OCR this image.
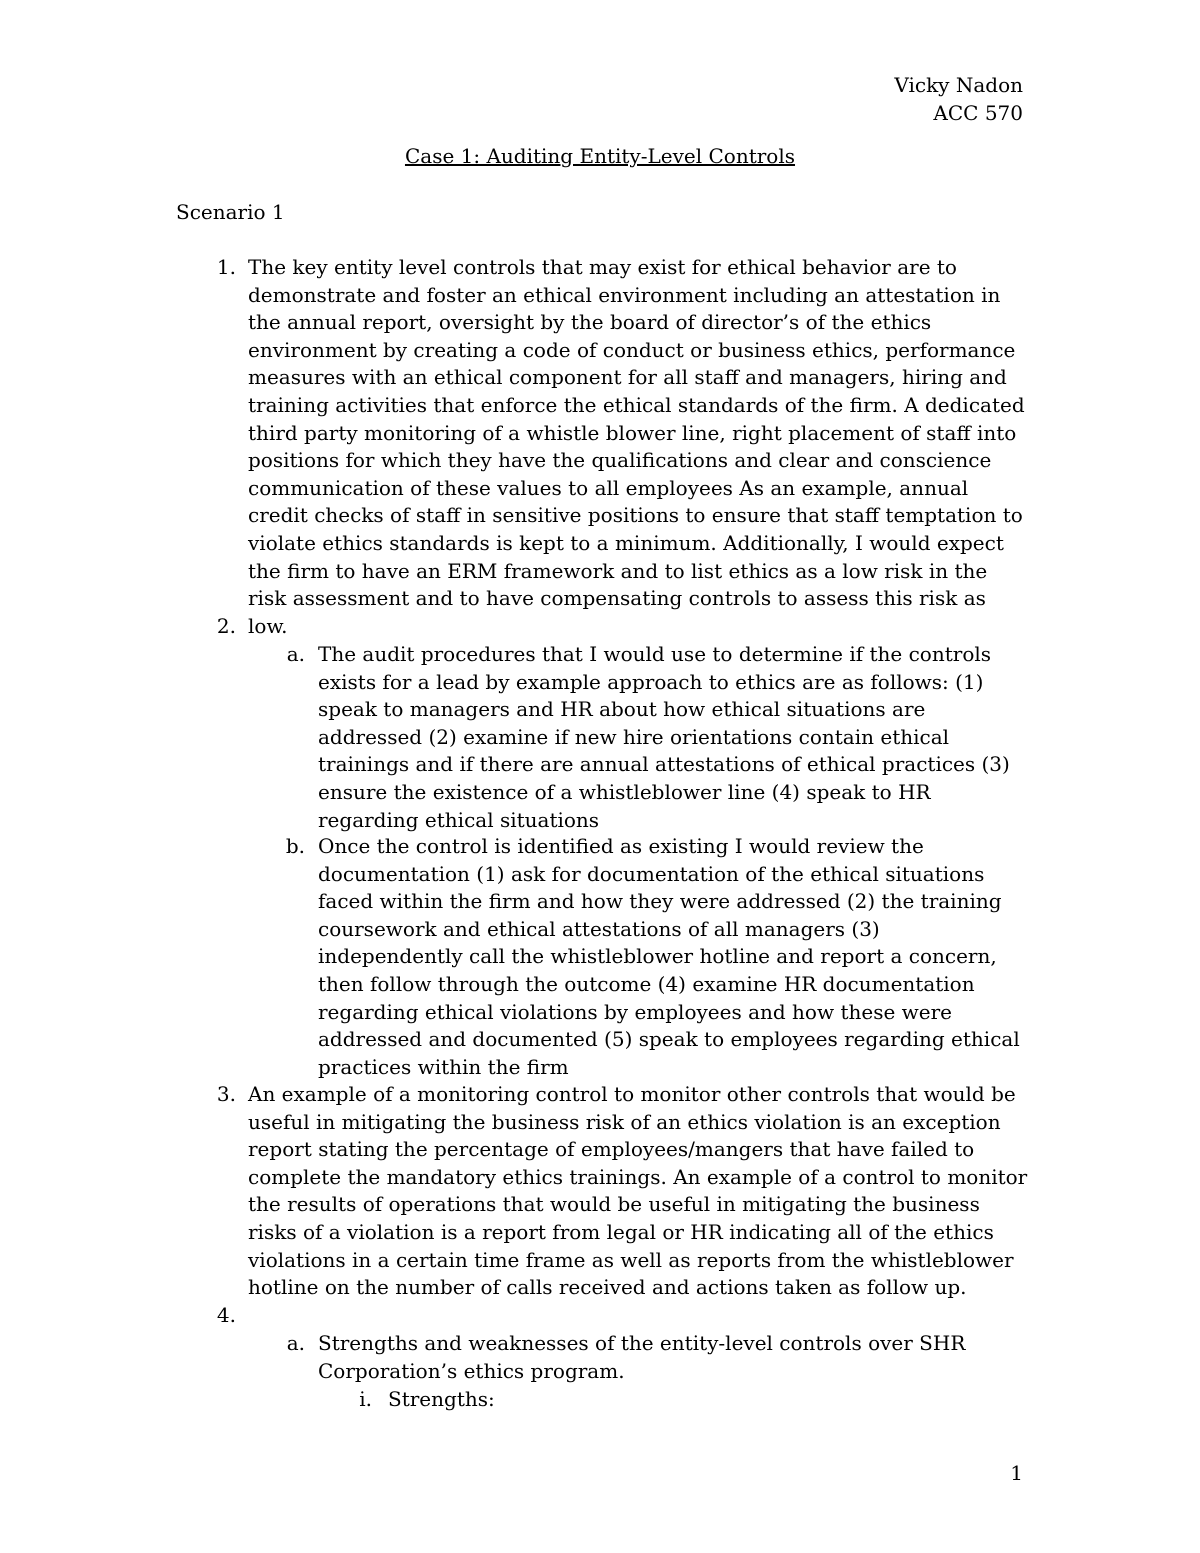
Vicky Nadon
ACC 570
Case 1: Auditing Entity-Level Controls
Scenario 1
1. The key entity level controls that may exist for ethical behavior are to demonstrate and foster an ethical environment including an attestation in the annual report, oversight by the board of director’s of the ethics environment by creating a code of conduct or business ethics, performance measures with an ethical component for all staff and managers, hiring and training activities that enforce the ethical standards of the firm. A dedicated third party monitoring of a whistle blower line, right placement of staff into positions for which they have the qualifications and clear and conscience communication of these values to all employees As an example, annual credit checks of staff in sensitive positions to ensure that staff temptation to violate ethics standards is kept to a minimum. Additionally, I would expect the firm to have an ERM framework and to list ethics as a low risk in the risk assessment and to have compensating controls to assess this risk as low.

2.
a. The audit procedures that I would use to determine if the controls exists for a lead by example approach to ethics are as follows: (1) speak to managers and HR about how ethical situations are addressed (2) examine if new hire orientations contain ethical trainings and if there are annual attestations of ethical practices (3) ensure the existence of a whistleblower line (4) speak to HR regarding ethical situations

b. Once the control is identified as existing I would review the documentation (1) ask for documentation of the ethical situations faced within the firm and how they were addressed (2) the training coursework and ethical attestations of all managers (3) independently call the whistleblower hotline and report a concern, then follow through the outcome (4) examine HR documentation regarding ethical violations by employees and how these were addressed and documented (5) speak to employees regarding ethical practices within the firm

3. An example of a monitoring control to monitor other controls that would be useful in mitigating the business risk of an ethics violation is an exception report stating the percentage of employees/mangers that have failed to complete the mandatory ethics trainings. An example of a control to monitor the results of operations that would be useful in mitigating the business risks of a violation is a report from legal or HR indicating all of the ethics violations in a certain time frame as well as reports from the whistleblower hotline on the number of calls received and actions taken as follow up.

4.
a. Strengths and weaknesses of the entity-level controls over SHR Corporation’s ethics program.

i. Strengths:

1
